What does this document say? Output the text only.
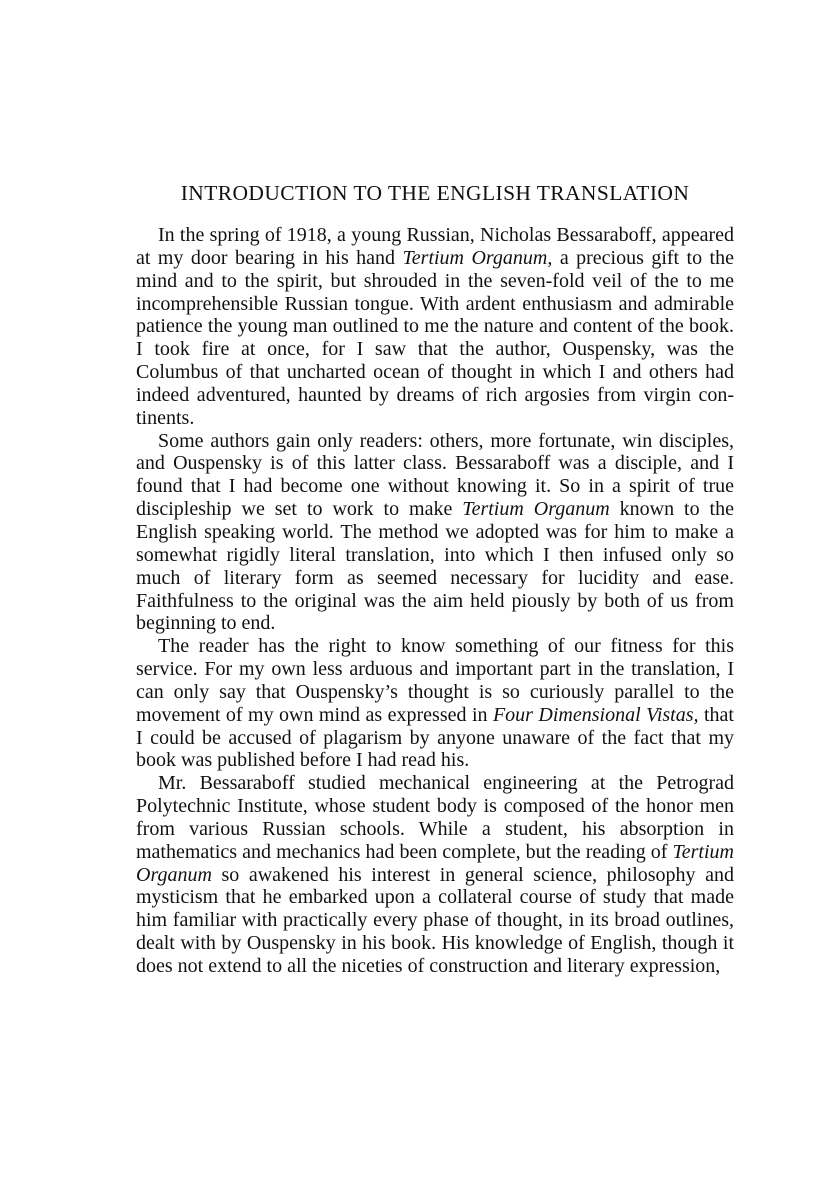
INTRODUCTION TO THE ENGLISH TRANSLATION

In the spring of 1918, a young Russian, Nicholas Bessaraboff, appeared at my door bearing in his hand Tertium Organum, a precious gift to the mind and to the spirit, but shrouded in the seven-fold veil of the to me incomprehensible Russian tongue. With ardent enthusiasm and admirable patience the young man outlined to me the nature and content of the book. I took fire at once, for I saw that the author, Ouspensky, was the Columbus of that uncharted ocean of thought in which I and others had indeed adventured, haunted by dreams of rich argosies from virgin continents.

Some authors gain only readers: others, more fortunate, win disciples, and Ouspensky is of this latter class. Bessaraboff was a disciple, and I found that I had become one without knowing it. So in a spirit of true discipleship we set to work to make Tertium Organum known to the English speaking world. The method we adopted was for him to make a somewhat rigidly literal translation, into which I then infused only so much of literary form as seemed necessary for lucidity and ease. Faithfulness to the original was the aim held piously by both of us from beginning to end.

The reader has the right to know something of our fitness for this service. For my own less arduous and important part in the translation, I can only say that Ouspensky’s thought is so curiously parallel to the movement of my own mind as expressed in Four Dimensional Vistas, that I could be accused of plagarism by anyone unaware of the fact that my book was published before I had read his.

Mr. Bessaraboff studied mechanical engineering at the Petrograd Polytechnic Institute, whose student body is composed of the honor men from various Russian schools. While a student, his absorption in mathematics and mechanics had been complete, but the reading of Tertium Organum so awakened his interest in general science, philosophy and mysticism that he embarked upon a collateral course of study that made him familiar with practically every phase of thought, in its broad outlines, dealt with by Ouspensky in his book. His knowledge of English, though it does not extend to all the niceties of construction and literary expression,
